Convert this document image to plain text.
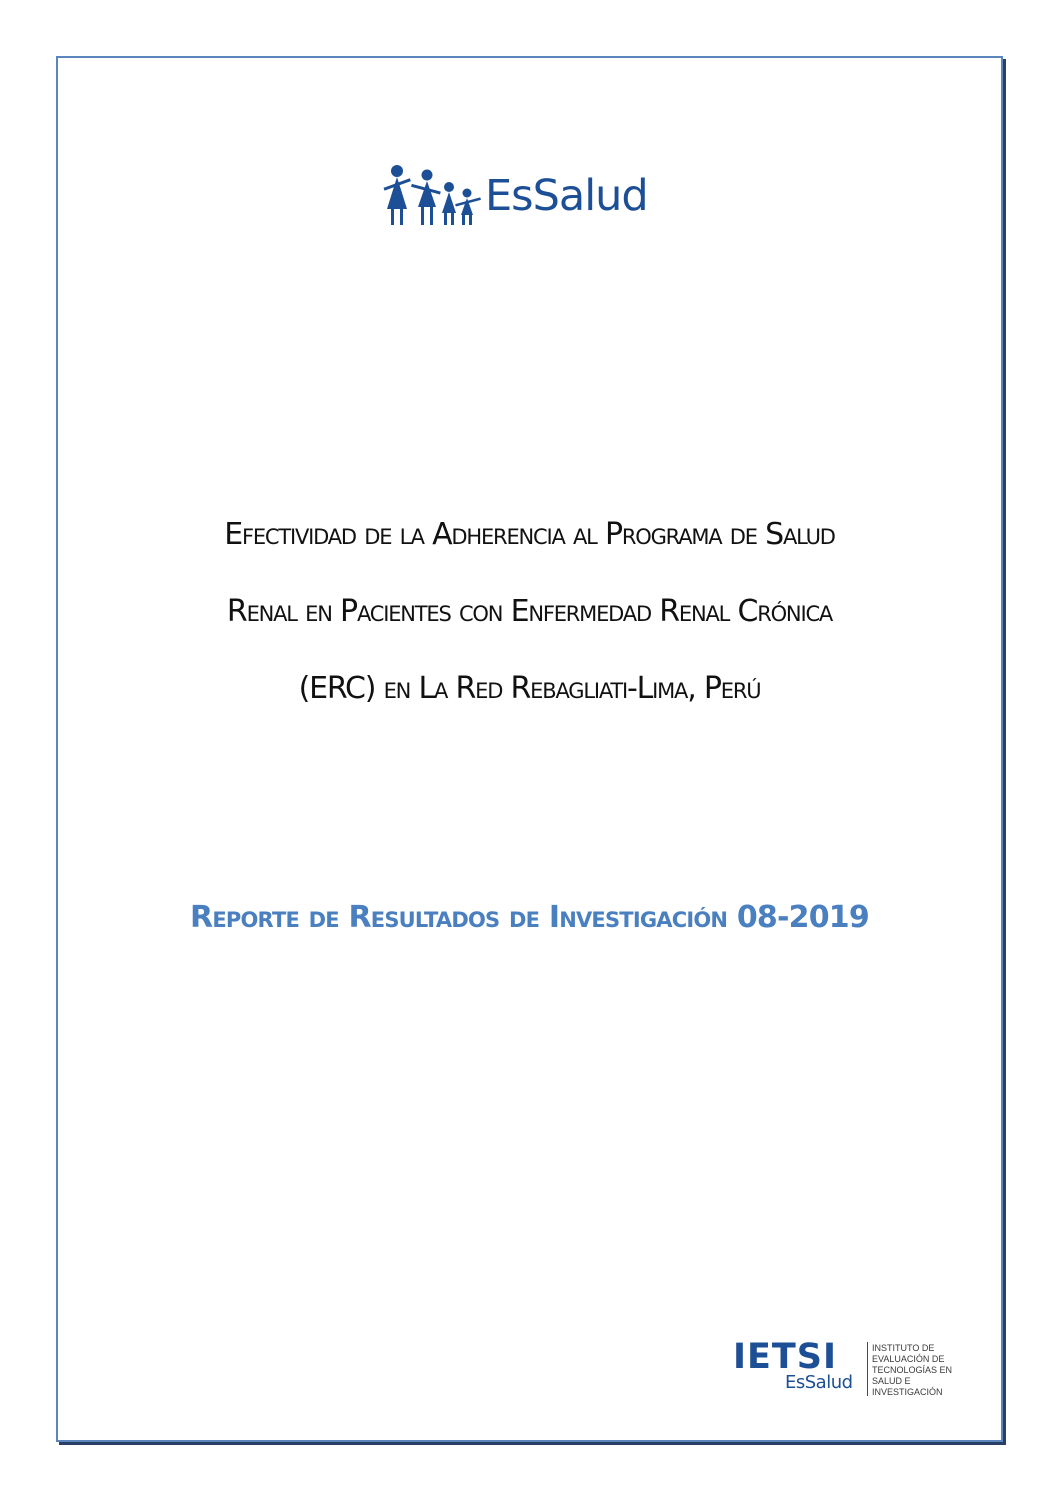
EsSalud
Efectividad de la Adherencia al Programa de Salud
Renal en Pacientes con Enfermedad Renal Crónica
(ERC) en La Red Rebagliati-Lima, Perú
Reporte de Resultados de Investigación 08-2019
IETSI
EsSalud
INSTITUTO DE
EVALUACIÓN DE
TECNOLOGÍAS EN
SALUD E
INVESTIGACIÓN
